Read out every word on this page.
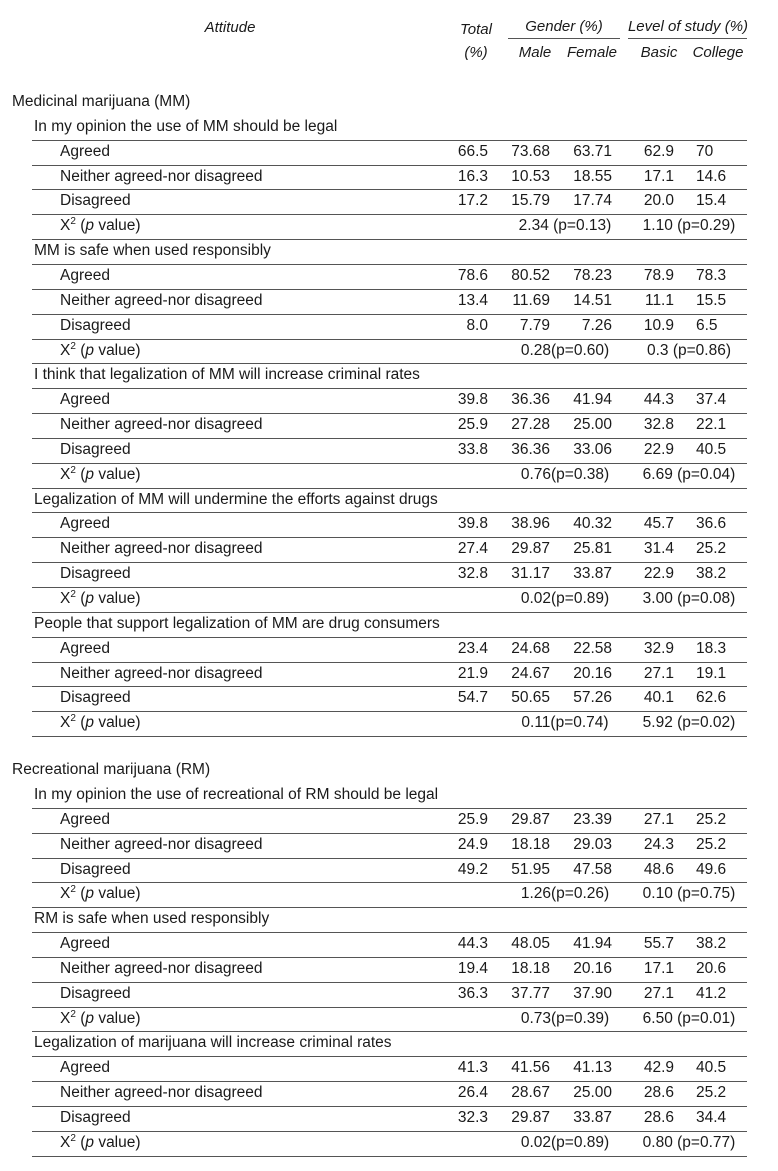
Attitude	Total
(%)
Gender (%)
Male	Female
Level of study (%)
Basic	College
Medicinal marijuana (MM)
In my opinion the use of MM should be legal
Agreed	66.5	73.68	63.71	62.9 70
Neither agreed-nor disagreed	16.3	10.53	18.55	17.1 14.6
Disagreed	17.2	15.79	17.74	20.0 15.4
$X^2$ (p value)	2.34 (p=0.13)	1.10 (p=0.29)
MM is safe when used responsibly
Agreed	78.6	80.52	78.23	78.9 78.3
Neither agreed-nor disagreed	13.4	11.69	14.51	11.1 15.5
Disagreed	8.0	7.79	7.26	10.9 6.5
$X^2$ (p value)	0.28(p=0.60)	0.3 (p=0.86)
I think that legalization of MM will increase criminal rates
Agreed	39.8	36.36	41.94	44.3 37.4
Neither agreed-nor disagreed	25.9	27.28	25.00	32.8 22.1
Disagreed	33.8	36.36	33.06	22.9 40.5
$X^2$ (p value)	0.76(p=0.38)	6.69 (p=0.04)
Legalization of MM will undermine the efforts against drugs
Agreed	39.8	38.96	40.32	45.7 36.6
Neither agreed-nor disagreed	27.4	29.87	25.81	31.4 25.2
Disagreed	32.8	31.17	33.87	22.9 38.2
$X^2$ (p value)	0.02(p=0.89)	3.00 (p=0.08)
People that support legalization of MM are drug consumers
Agreed	23.4	24.68	22.58	32.9 18.3
Neither agreed-nor disagreed	21.9	24.67	20.16	27.1 19.1
Disagreed	54.7	50.65	57.26	40.1 62.6
$X^2$ (p value)	0.11(p=0.74)	5.92 (p=0.02)
Recreational marijuana (RM)
In my opinion the use of recreational of RM should be legal
Agreed	25.9	29.87	23.39	27.1 25.2
Neither agreed-nor disagreed	24.9	18.18	29.03	24.3 25.2
Disagreed	49.2	51.95	47.58	48.6 49.6
$X^2$ (p value)	1.26(p=0.26)	0.10 (p=0.75)
RM is safe when used responsibly
Agreed	44.3	48.05	41.94	55.7 38.2
Neither agreed-nor disagreed	19.4	18.18	20.16	17.1 20.6
Disagreed	36.3	37.77	37.90	27.1 41.2
$X^2$ (p value)	0.73(p=0.39)	6.50 (p=0.01)
Legalization of marijuana will increase criminal rates
Agreed	41.3	41.56	41.13	42.9 40.5
Neither agreed-nor disagreed	26.4	28.67	25.00	28.6 25.2
Disagreed	32.3	29.87	33.87	28.6 34.4
$X^2$ (p value)	0.02(p=0.89)	0.80 (p=0.77)
